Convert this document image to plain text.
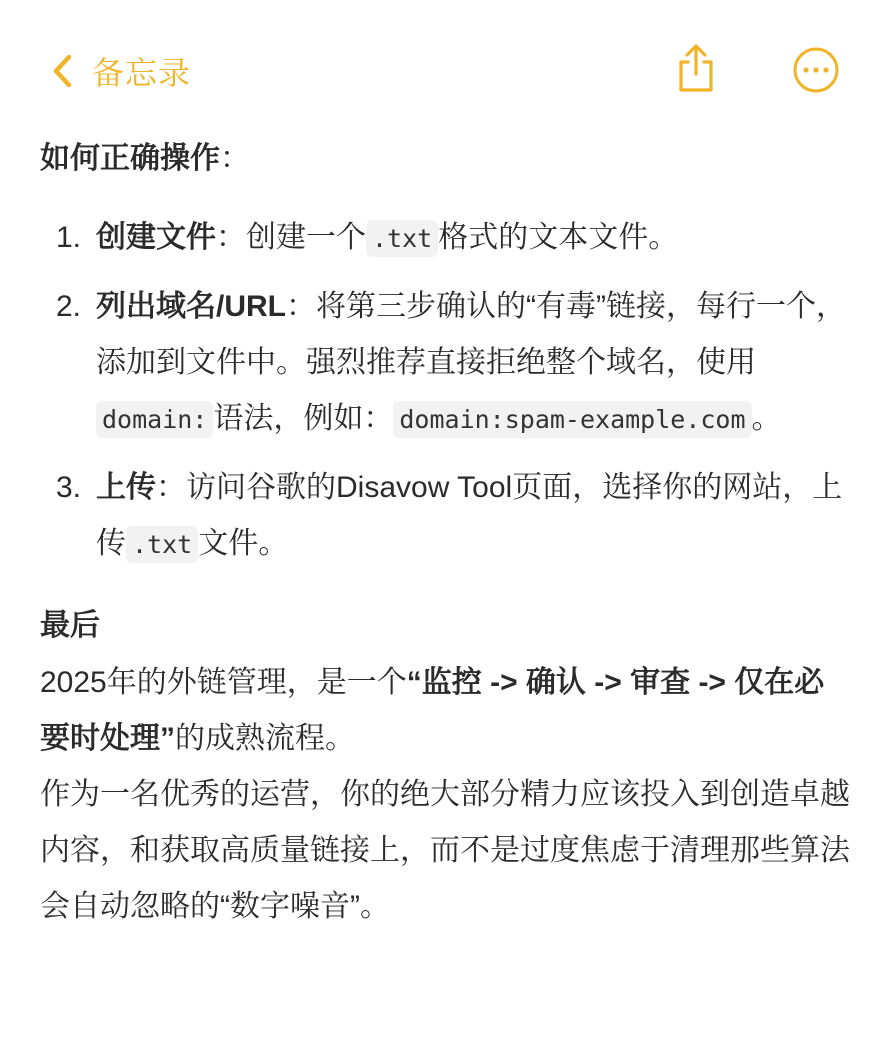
备忘录

如何正确操作：

1. 创建文件：创建一个 .txt 格式的文本文件。
2. 列出域名/URL：将第三步确认的“有毒”链接，每行一个，添加到文件中。强烈推荐直接拒绝整个域名，使用domain: 语法，例如： domain:spam-example.com 。
3. 上传：访问谷歌的Disavow Tool页面，选择你的网站，上传 .txt 文件。

最后

2025年的外链管理，是一个“监控 -> 确认 -> 审查 -> 仅在必要时处理”的成熟流程。

作为一名优秀的运营，你的绝大部分精力应该投入到创造卓越内容，和获取高质量链接上，而不是过度焦虑于清理那些算法会自动忽略的“数字噪音”。
